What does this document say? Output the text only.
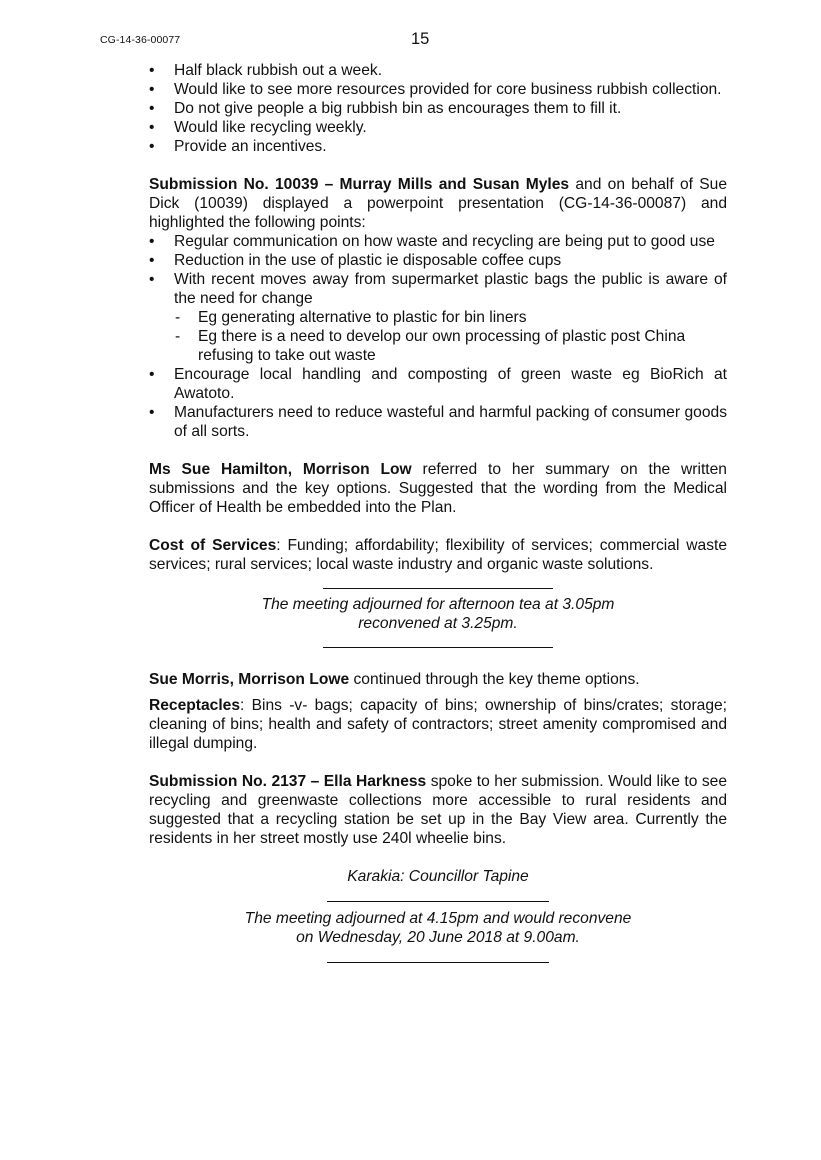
CG-14-36-00077	15
• Half black rubbish out a week.
• Would like to see more resources provided for core business rubbish collection.
• Do not give people a big rubbish bin as encourages them to fill it.
• Would like recycling weekly.
• Provide an incentives.

Submission No. 10039 – Murray Mills and Susan Myles and on behalf of Sue Dick (10039) displayed a powerpoint presentation (CG-14-36-00087) and highlighted the following points:

• Regular communication on how waste and recycling are being put to good use
• Reduction in the use of plastic ie disposable coffee cups
• With recent moves away from supermarket plastic bags the public is aware of the need for change
- Eg generating alternative to plastic for bin liners
- Eg there is a need to develop our own processing of plastic post China refusing to take out waste
• Encourage local handling and composting of green waste eg BioRich at Awatoto.
• Manufacturers need to reduce wasteful and harmful packing of consumer goods of all sorts.

Ms Sue Hamilton, Morrison Low referred to her summary on the written submissions and the key options. Suggested that the wording from the Medical Officer of Health be embedded into the Plan.

Cost of Services: Funding; affordability; flexibility of services; commercial waste services; rural services; local waste industry and organic waste solutions.

The meeting adjourned for afternoon tea at 3.05pm
reconvened at 3.25pm.

Sue Morris, Morrison Lowe continued through the key theme options.

Receptacles: Bins -v- bags; capacity of bins; ownership of bins/crates; storage; cleaning of bins; health and safety of contractors; street amenity compromised and illegal dumping.

Submission No. 2137 – Ella Harkness spoke to her submission. Would like to see recycling and greenwaste collections more accessible to rural residents and suggested that a recycling station be set up in the Bay View area. Currently the residents in her street mostly use 240l wheelie bins.

Karakia: Councillor Tapine
The meeting adjourned at 4.15pm and would reconvene
on Wednesday, 20 June 2018 at 9.00am.
